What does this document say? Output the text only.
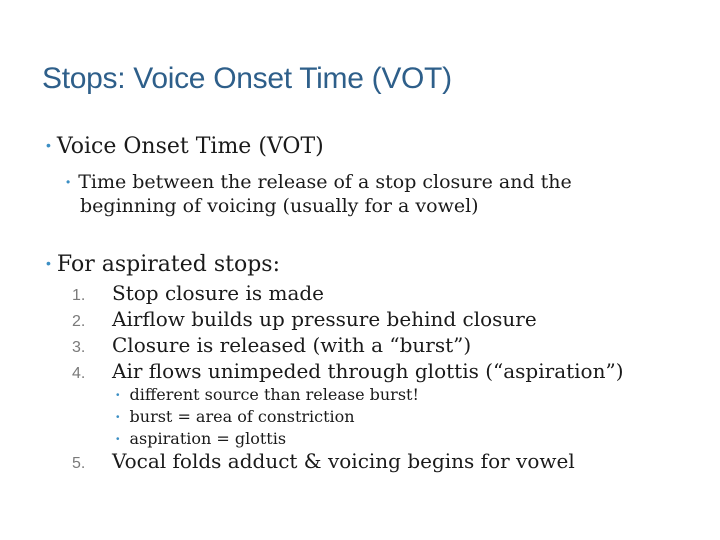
Stops: Voice Onset Time (VOT)
• Voice Onset Time (VOT)
• Time between the release of a stop closure and the
beginning of voicing (usually for a vowel)
• For aspirated stops:
1. Stop closure is made
2. Airflow builds up pressure behind closure
3. Closure is released (with a “burst”)
4. Air flows unimpeded through glottis (“aspiration”)
• different source than release burst!
• burst = area of constriction
• aspiration = glottis
5. Vocal folds adduct & voicing begins for vowel
